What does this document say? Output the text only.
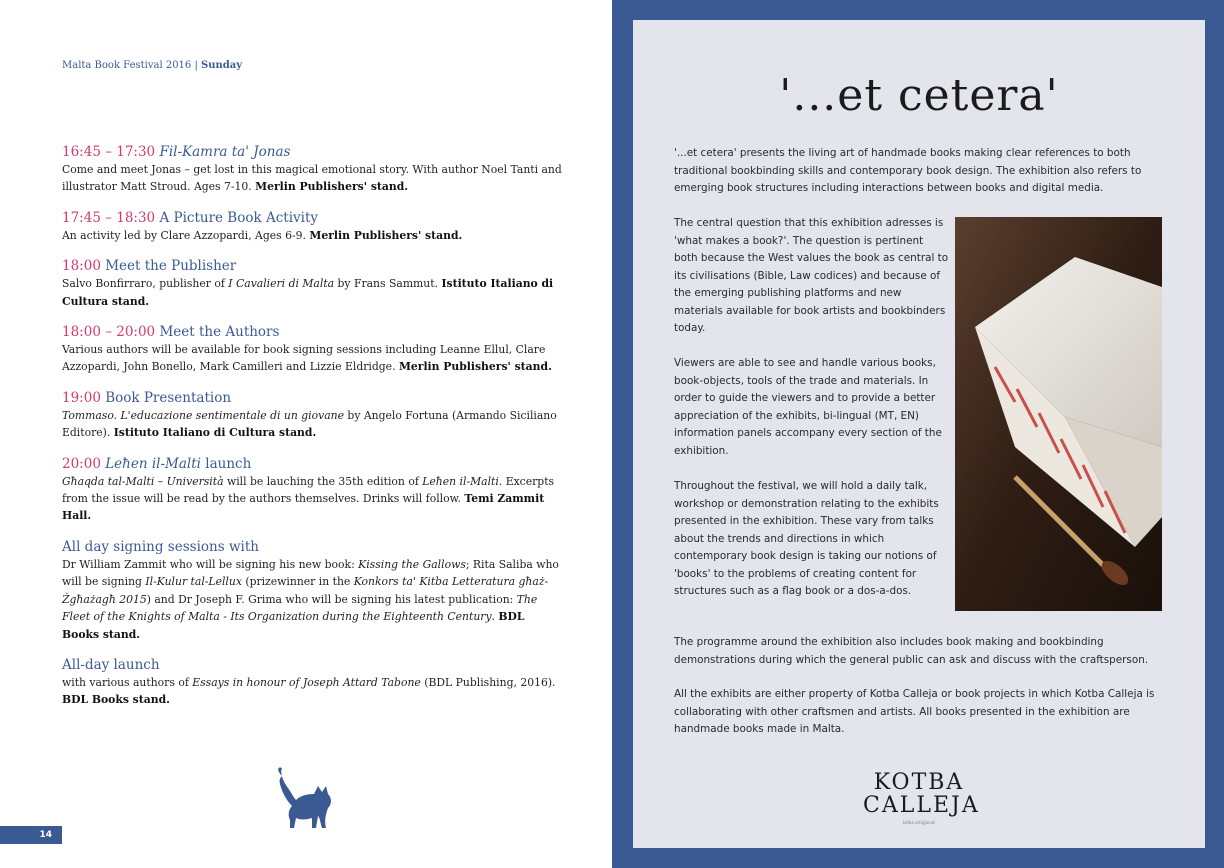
Malta Book Festival 2016 | Sunday
16:45 – 17:30 Fil-Kamra ta' Jonas
Come and meet Jonas – get lost in this magical emotional story. With author Noel Tanti and illustrator Matt Stroud. Ages 7-10. Merlin Publishers' stand.
17:45 – 18:30 A Picture Book Activity
An activity led by Clare Azzopardi, Ages 6-9. Merlin Publishers' stand.
18:00 Meet the Publisher
Salvo Bonfirraro, publisher of I Cavalieri di Malta by Frans Sammut. Istituto Italiano di Cultura stand.
18:00 – 20:00 Meet the Authors
Various authors will be available for book signing sessions including Leanne Ellul, Clare Azzopardi, John Bonello, Mark Camilleri and Lizzie Eldridge. Merlin Publishers' stand.
19:00 Book Presentation
Tommaso. L'educazione sentimentale di un giovane by Angelo Fortuna (Armando Siciliano Editore). Istituto Italiano di Cultura stand.
20:00 Leħen il-Malti launch
Għaqda tal-Malti – Università will be lauching the 35th edition of Leħen il-Malti. Excerpts from the issue will be read by the authors themselves. Drinks will follow. Temi Zammit Hall.
All day signing sessions with
Dr William Zammit who will be signing his new book: Kissing the Gallows; Rita Saliba who will be signing Il-Kulur tal-Lellux (prizewinner in the Konkors ta' Kitba Letteratura għaż-Żgħażagħ 2015) and Dr Joseph F. Grima who will be signing his latest publication: The Fleet of the Knights of Malta - Its Organization during the Eighteenth Century. BDL Books stand.
All-day launch
with various authors of Essays in honour of Joseph Attard Tabone (BDL Publishing, 2016). BDL Books stand.
14
'...et cetera'
'...et cetera' presents the living art of handmade books making clear references to both traditional bookbinding skills and contemporary book design. The exhibition also refers to emerging book structures including interactions between books and digital media.
The central question that this exhibition adresses is 'what makes a book?'. The question is pertinent both because the West values the book as central to its civilisations (Bible, Law codices) and because of the emerging publishing platforms and new materials available for book artists and bookbinders today.
Viewers are able to see and handle various books, book-objects, tools of the trade and materials. In order to guide the viewers and to provide a better appreciation of the exhibits, bi-lingual (MT, EN) information panels accompany every section of the exhibition.
Throughout the festival, we will hold a daily talk, workshop or demonstration relating to the exhibits presented in the exhibition. These vary from talks about the trends and directions in which contemporary book design is taking our notions of 'books' to the problems of creating content for structures such as a flag book or a dos-a-dos.
The programme around the exhibition also includes book making and bookbinding demonstrations during which the general public can ask and discuss with the craftsperson.
All the exhibits are either property of Kotba Calleja or book projects in which Kotba Calleja is collaborating with other craftsmen and artists. All books presented in the exhibition are handmade books made in Malta.
KOTBA
CALLEJA
kotba artiġjanali
